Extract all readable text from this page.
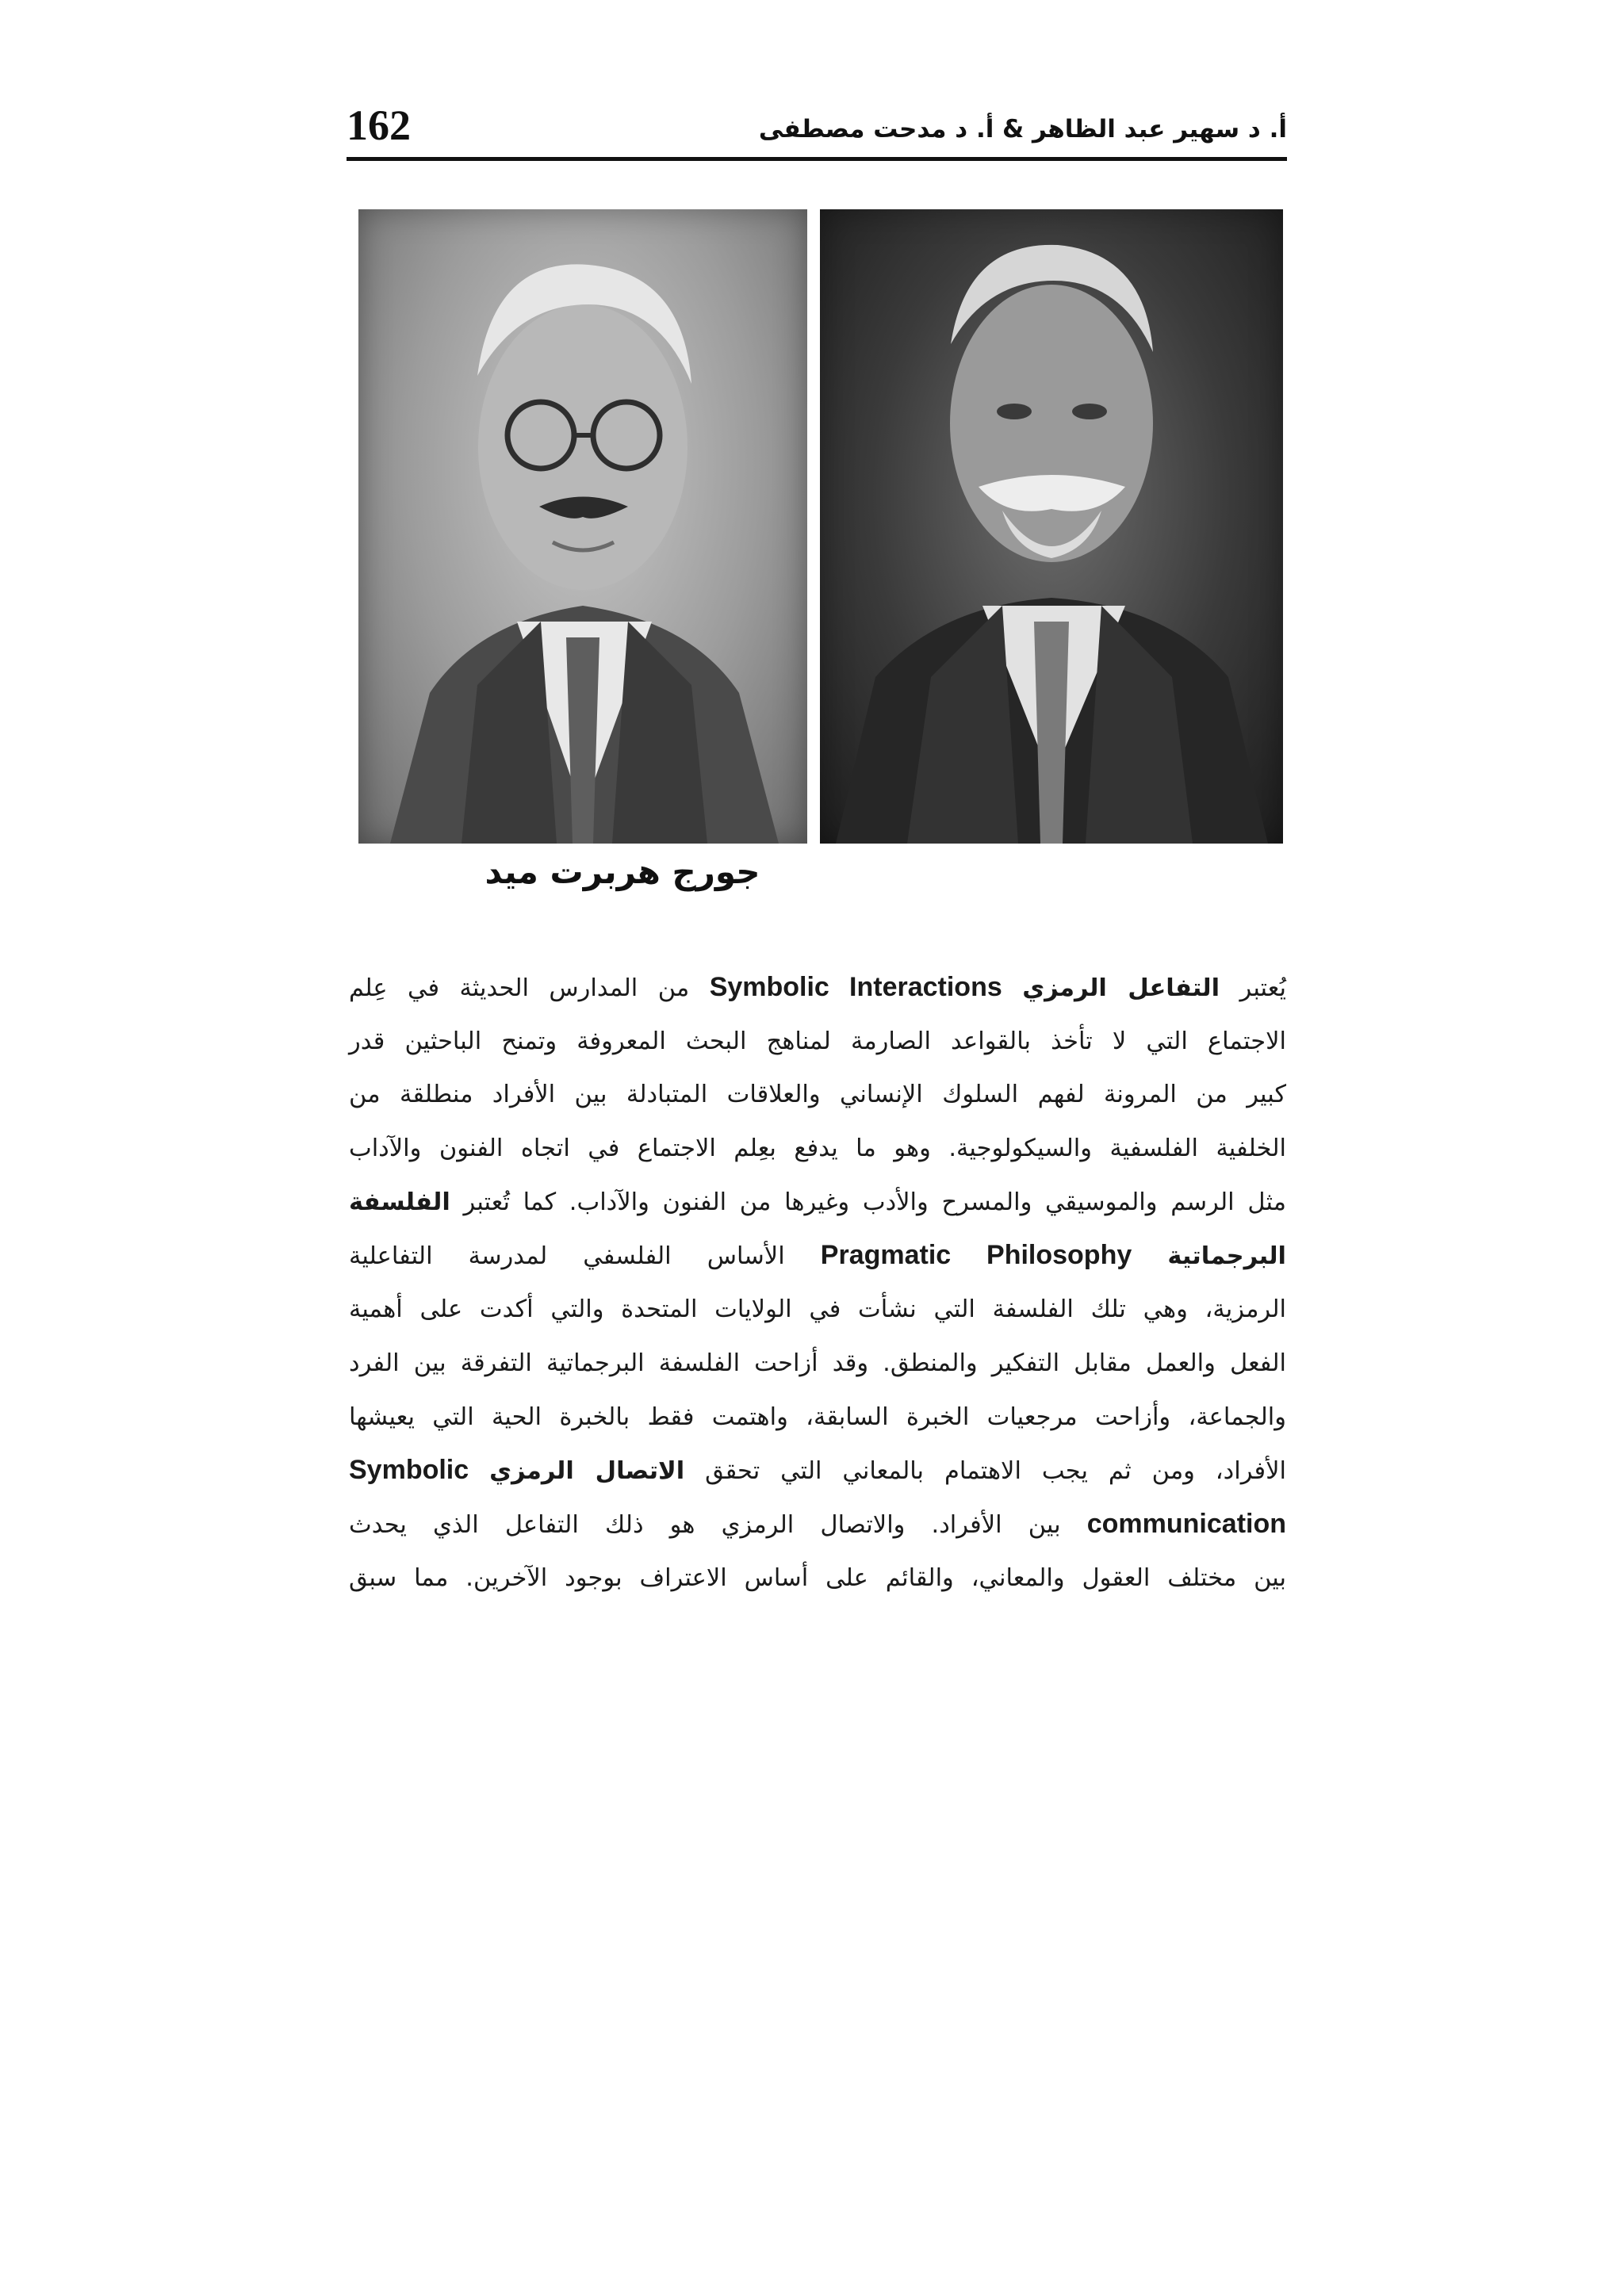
162	أ. د سهير عبد الظاهر & أ. د مدحت مصطفى
جورج هربرت ميد
يُعتبر التفاعل الرمزي Symbolic Interactions من المدارس الحديثة في عِلم
الاجتماع التي لا تأخذ بالقواعد الصارمة لمناهج البحث المعروفة وتمنح الباحثين قدر
كبير من المرونة لفهم السلوك الإنساني والعلاقات المتبادلة بين الأفراد منطلقة من
الخلفية الفلسفية والسيكولوجية. وهو ما يدفع بعِلم الاجتماع في اتجاه الفنون والآداب
مثل الرسم والموسيقي والمسرح والأدب وغيرها من الفنون والآداب. كما تُعتبر الفلسفة
البرجماتية Pragmatic Philosophy الأساس الفلسفي لمدرسة التفاعلية
الرمزية، وهي تلك الفلسفة التي نشأت في الولايات المتحدة والتي أكدت على أهمية
الفعل والعمل مقابل التفكير والمنطق. وقد أزاحت الفلسفة البرجماتية التفرقة بين الفرد
والجماعة، وأزاحت مرجعيات الخبرة السابقة، واهتمت فقط بالخبرة الحية التي يعيشها
الأفراد، ومن ثم يجب الاهتمام بالمعاني التي تحقق الاتصال الرمزي Symbolic
communication بين الأفراد. والاتصال الرمزي هو ذلك التفاعل الذي يحدث
بين مختلف العقول والمعاني، والقائم على أساس الاعتراف بوجود الآخرين. مما سبق
